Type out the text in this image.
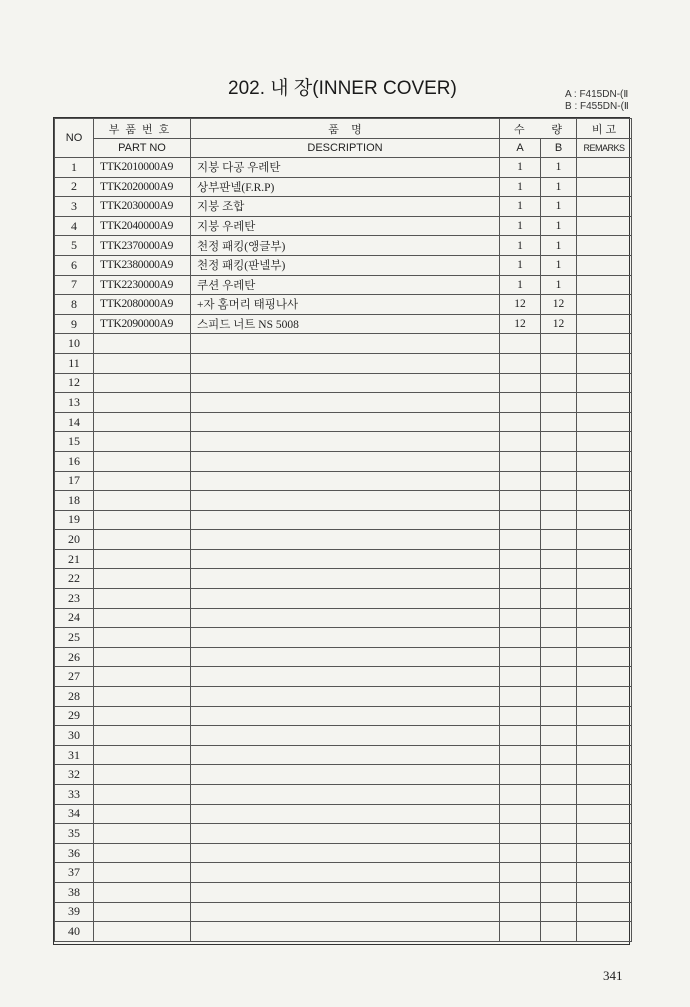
202. 내 장(INNER COVER)	A : F415DN-(Ⅱ
B : F455DN-(Ⅱ
NO	부품번호	품    명	수 량		비 고
	PART NO	DESCRIPTION	A	B	REMARKS
1	TTK2010000A9	지붕 다공 우레탄	1	1	
2	TTK2020000A9	상부판넬(F.R.P)	1	1	
3	TTK2030000A9	지붕 조합	1	1	
4	TTK2040000A9	지붕 우레탄	1	1	
5	TTK2370000A9	천정 패킹(앵글부)	1	1	
6	TTK2380000A9	천정 패킹(판넬부)	1	1	
7	TTK2230000A9	쿠션 우레탄	1	1	
8	TTK2080000A9	+자 홈머리 태핑나사	12	12	
9	TTK2090000A9	스피드 너트 NS 5008	12	12	
10					
11					
12					
13					
14					
15					
16					
17					
18					
19					
20					
21					
22					
23					
24					
25					
26					
27					
28					
29					
30					
31					
32					
33					
34					
35					
36					
37					
38					
39					
40					
341
